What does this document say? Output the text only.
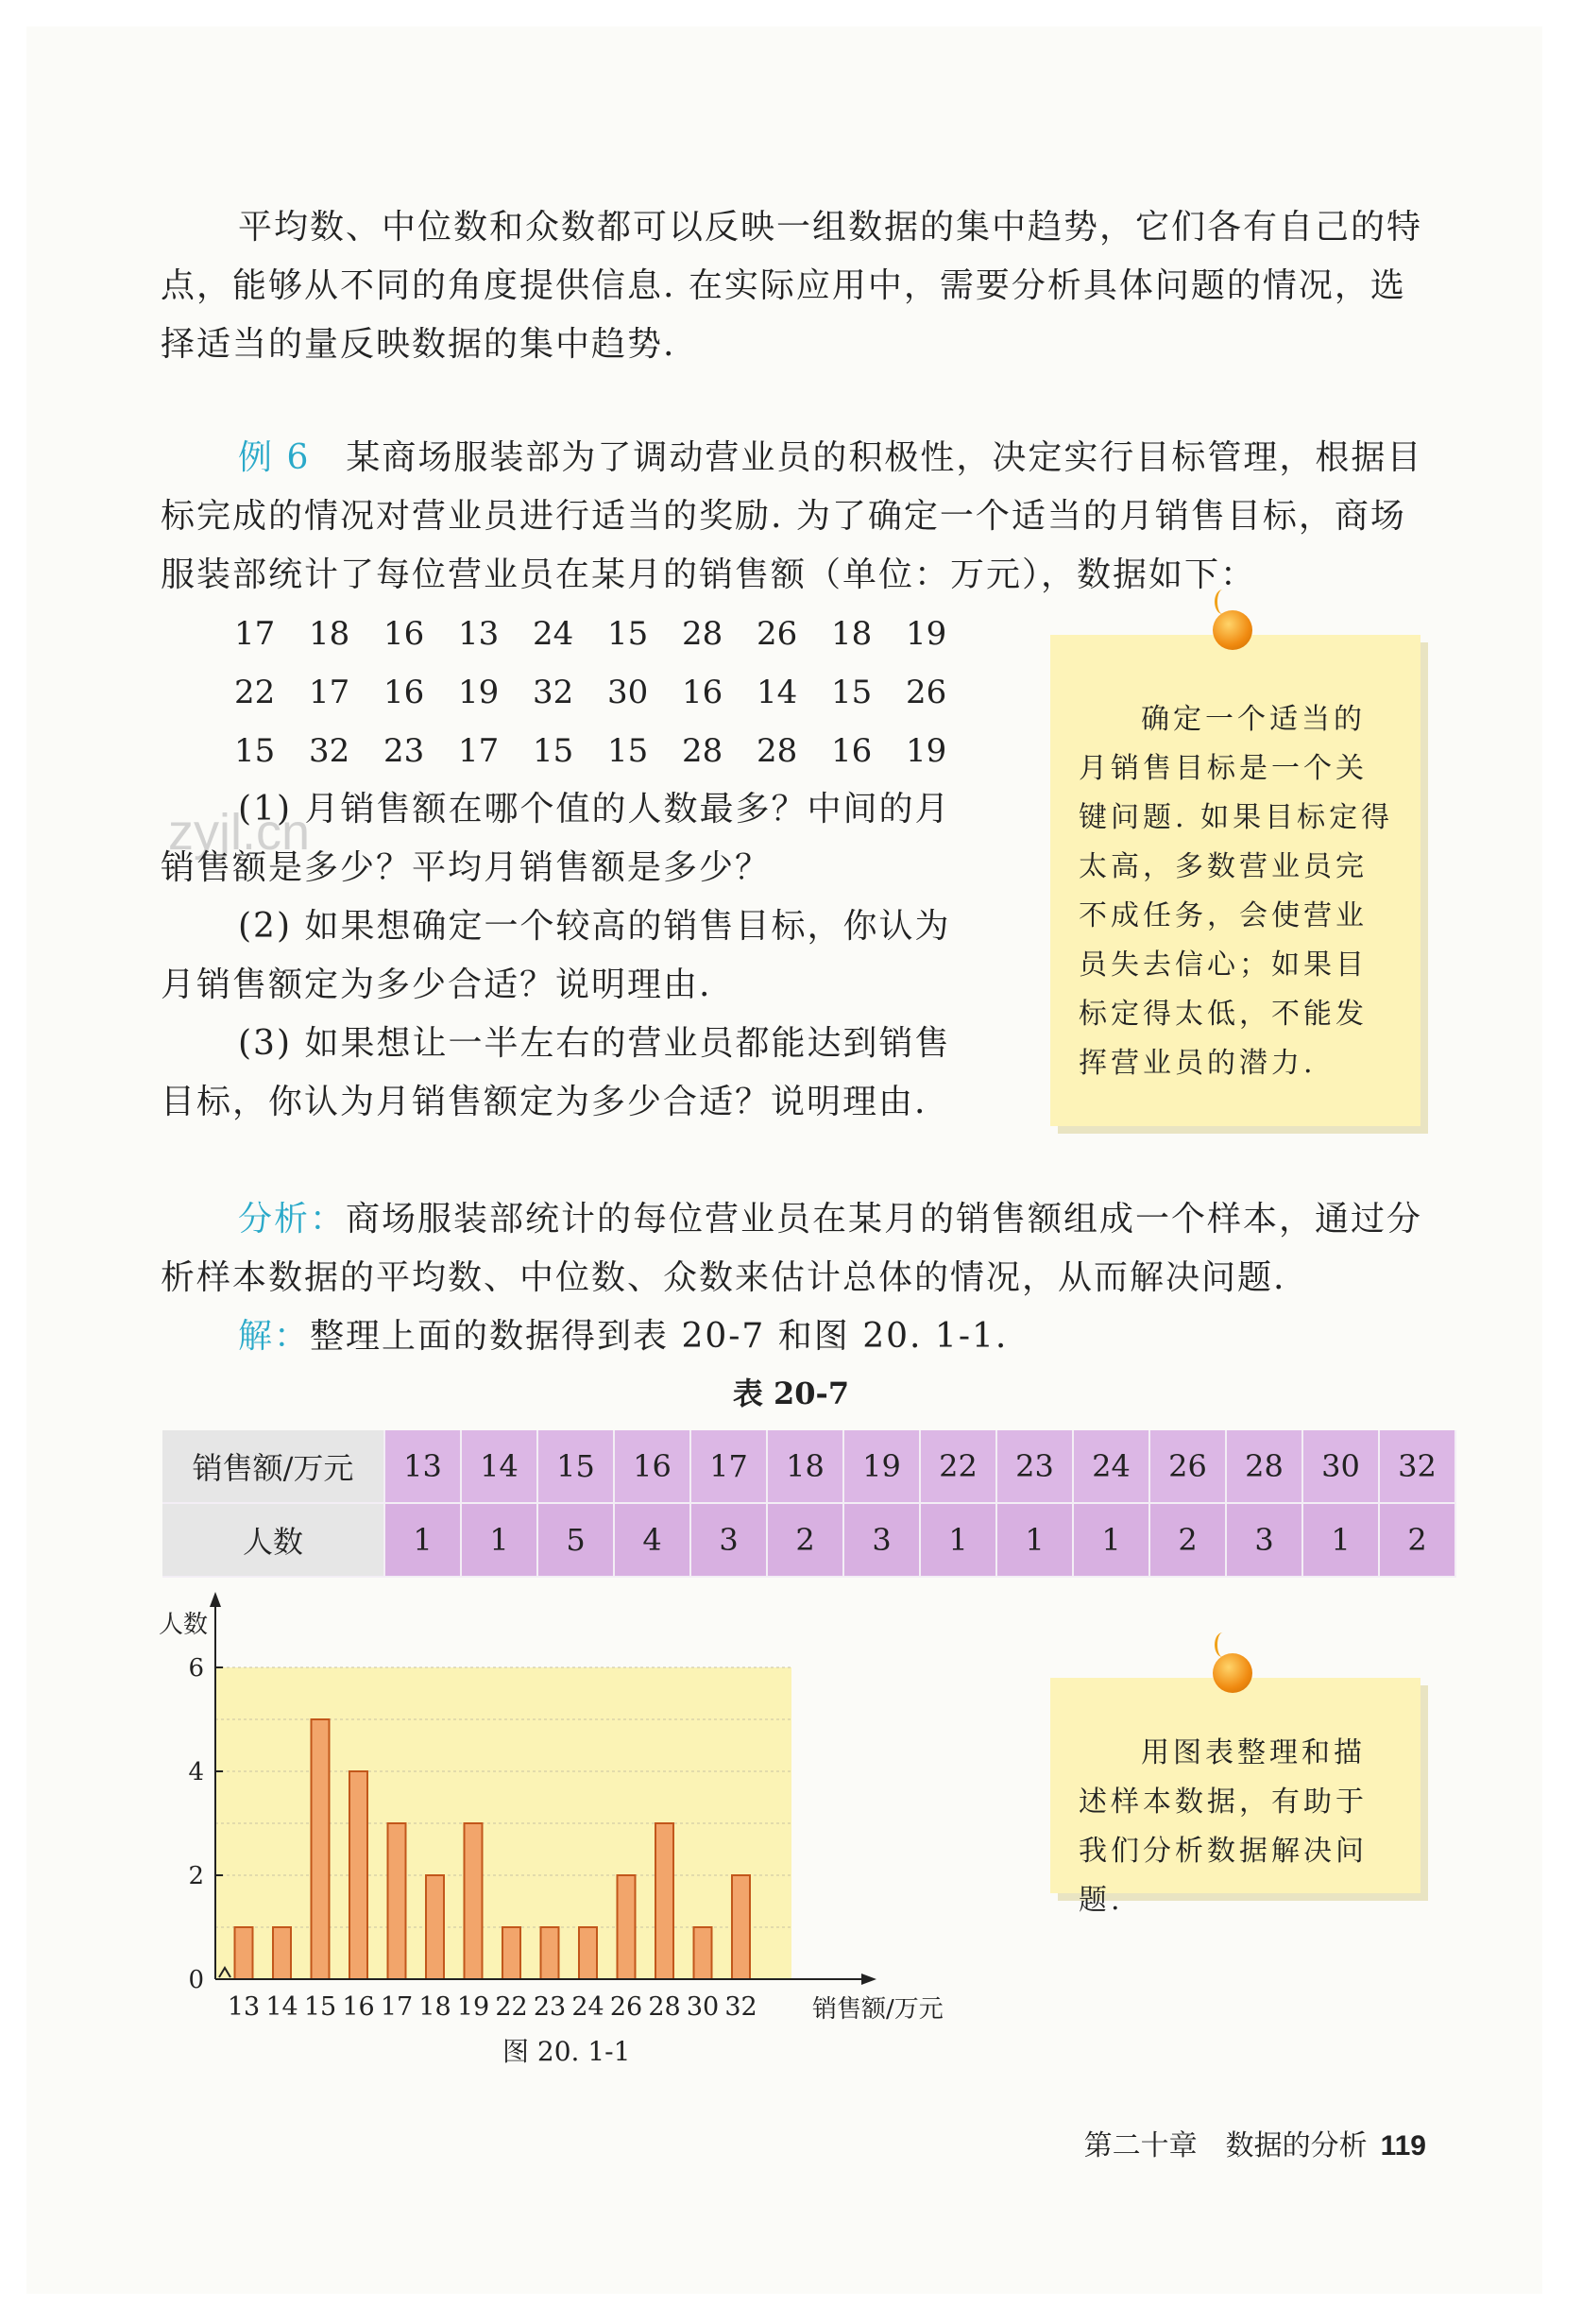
平均数、中位数和众数都可以反映一组数据的集中趋势，它们各有自己的特点，能够从不同的角度提供信息. 在实际应用中，需要分析具体问题的情况，选择适当的量反映数据的集中趋势.

例 6　 某商场服装部为了调动营业员的积极性，决定实行目标管理，根据目标完成的情况对营业员进行适当的奖励. 为了确定一个适当的月销售目标，商场服装部统计了每位营业员在某月的销售额（单位：万元），数据如下：

17	18	16	13	24	15	28	26	18	19
22	17	16	19	32	30	16	14	15	26
15	32	23	17	15	15	28	28	16	19
zyjl.cn

(1) 月销售额在哪个值的人数最多？中间的月销售额是多少？平均月销售额是多少？

(2) 如果想确定一个较高的销售目标，你认为月销售额定为多少合适？说明理由.

(3) 如果想让一半左右的营业员都能达到销售目标，你认为月销售额定为多少合适？说明理由.

确定一个适当的月销售目标是一个关键问题. 如果目标定得太高，多数营业员完不成任务，会使营业员失去信心；如果目标定得太低，不能发挥营业员的潜力.

分析：商场服装部统计的每位营业员在某月的销售额组成一个样本，通过分析样本数据的平均数、中位数、众数来估计总体的情况，从而解决问题.

解：整理上面的数据得到表 20-7 和图 20. 1-1.

表 20-7
销售额/万元	13	14	15	16	17	18	19	22	23	24	26	28	30	32
人数	1	1	5	4	3	2	3	1	1	1	2	3	1	2
13 14 15 16 17 18 19 22 23 24 26 28 30 32
0
2
4
6
人数
销售额/万元
图 20. 1-1

用图表整理和描述样本数据，有助于我们分析数据解决问题.

第二十章　数据的分析 119
